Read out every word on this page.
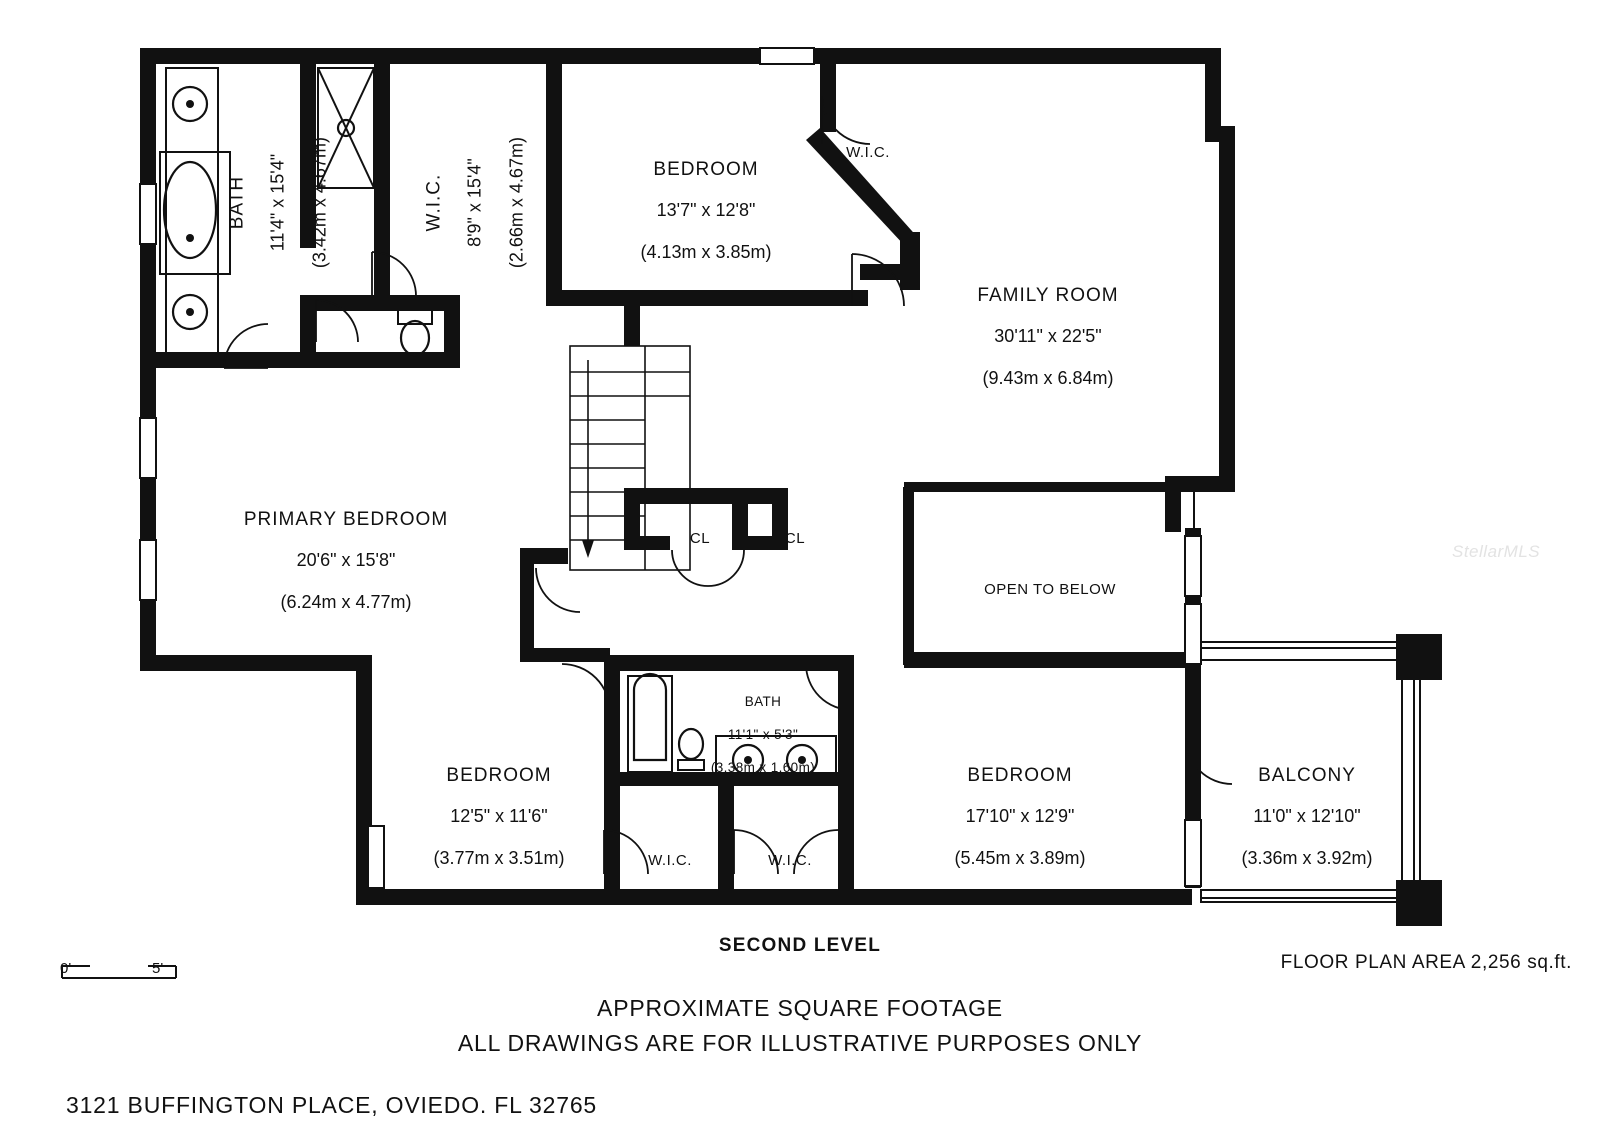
BATH 11'4" x 15'4" (3.42m x 4.67m)	W.I.C. 8'9" x 15'4" (2.66m x 4.67m)	BEDROOM

13'7" x 12'8"

(4.13m x 3.85m)

W.I.C.

FAMILY ROOM

30'11" x 22'5"

(9.43m x 6.84m)

PRIMARY BEDROOM

20'6" x 15'8"

(6.24m x 4.77m)

CL	CL

OPEN TO BELOW

BEDROOM

12'5" x 11'6"

(3.77m x 3.51m)

BATH

11'1" x 5'3"

(3.38m x 1.60m)

W.I.C.	W.I.C.

BEDROOM

17'10" x 12'9"

(5.45m x 3.89m)

BALCONY

11'0" x 12'10"

(3.36m x 3.92m)

StellarMLS
0'	5'
SECOND LEVEL
FLOOR PLAN AREA 2,256 sq.ft.
APPROXIMATE SQUARE FOOTAGE
ALL DRAWINGS ARE FOR ILLUSTRATIVE PURPOSES ONLY
3121 BUFFINGTON PLACE, OVIEDO. FL 32765
